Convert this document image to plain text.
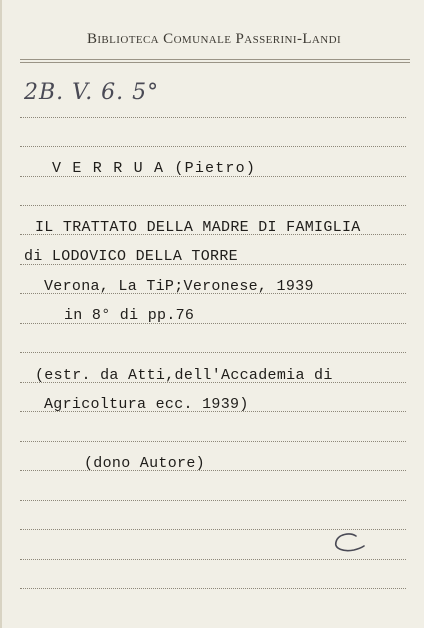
Biblioteca Comunale Passerini-Landi
2B. V. 6. 5°
V E R R U A (Pietro)
IL TRATTATO DELLA MADRE DI FAMIGLIA
di LODOVICO DELLA TORRE
Verona, La TiP;Veronese, 1939
in 8° di pp.76
(estr. da Atti,dell'Accademia di
Agricoltura ecc. 1939)
(dono Autore)
